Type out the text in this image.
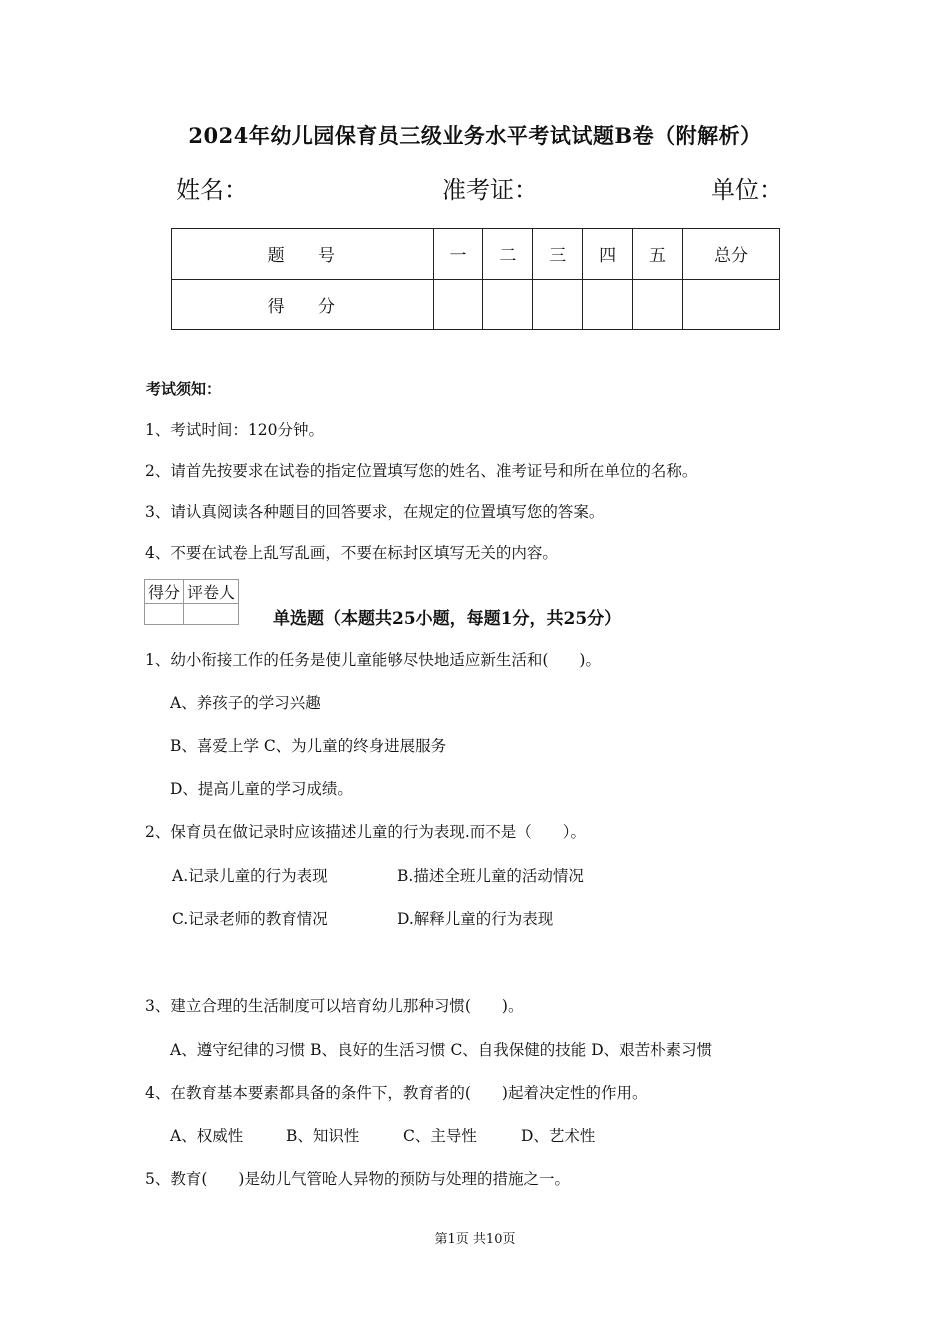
2024年幼儿园保育员三级业务水平考试试题B卷（附解析）
姓名：	准考证：	单位：
题 号	一	二	三	四	五	总分
得 分						
考试须知：
1、考试时间：120分钟。
2、请首先按要求在试卷的指定位置填写您的姓名、准考证号和所在单位的名称。
3、请认真阅读各种题目的回答要求，在规定的位置填写您的答案。
4、不要在试卷上乱写乱画，不要在标封区填写无关的内容。
得分	评卷人

单选题（本题共25小题，每题1分，共25分）
1、幼小衔接工作的任务是使儿童能够尽快地适应新生活和(　　)。
A、养孩子的学习兴趣
B、喜爱上学 C、为儿童的终身进展服务
D、提高儿童的学习成绩。
2、保育员在做记录时应该描述儿童的行为表现.而不是（　　）。
A.记录儿童的行为表现	B.描述全班儿童的活动情况
C.记录老师的教育情况	D.解释儿童的行为表现
3、建立合理的生活制度可以培育幼儿那种习惯(　　)。
A、遵守纪律的习惯 B、良好的生活习惯 C、自我保健的技能 D、艰苦朴素习惯
4、在教育基本要素都具备的条件下，教育者的(　　)起着决定性的作用。
A、权威性	B、知识性	C、主导性	D、艺术性
5、教育(　　)是幼儿气管呛人异物的预防与处理的措施之一。
第1页 共10页
